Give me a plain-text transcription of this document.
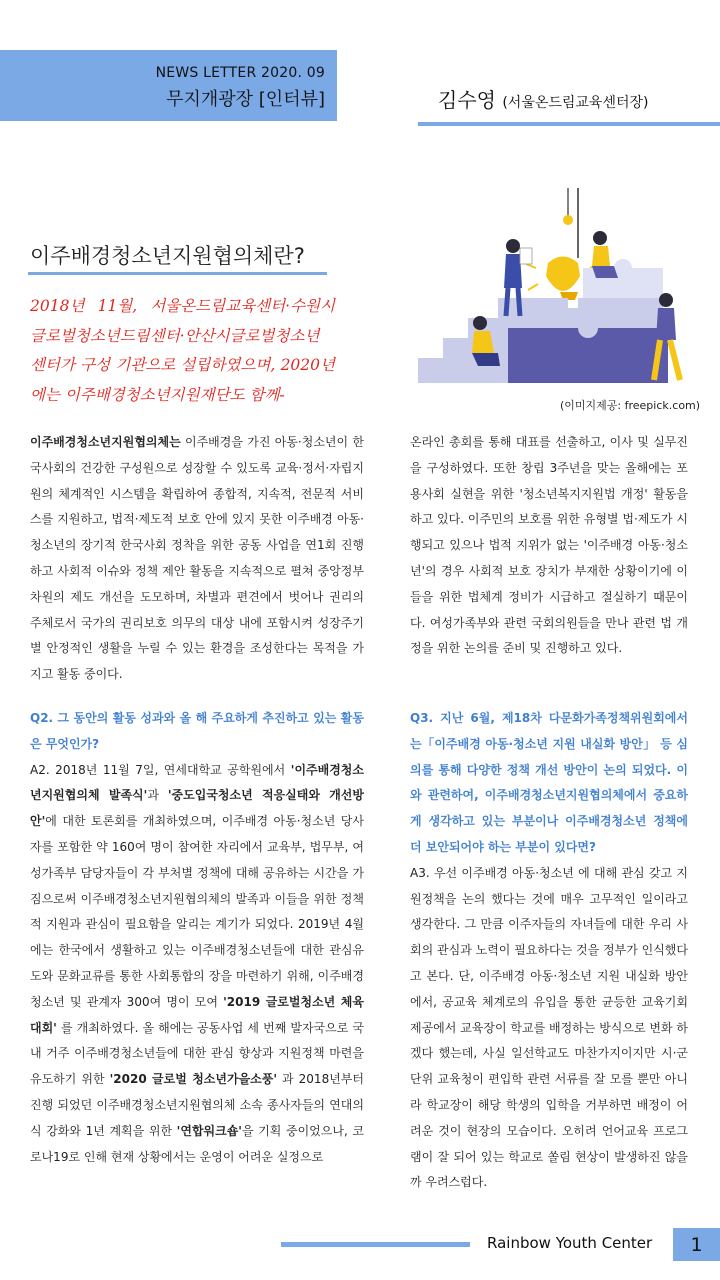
NEWS LETTER 2020. 09
무지개광장 [인터뷰]	김수영 (서울온드림교육센터장)
이주배경청소년지원협의체란?
2018년 11월, 서울온드림교육센터·수원시 글로벌청소년드림센터·안산시글로벌청소년 센터가 구성 기관으로 설립하였으며, 2020년에는 이주배경청소년지원재단도 함께-
(이미지제공: freepick.com)

이주배경청소년지원협의체는 이주배경을 가진 아동·청소년이 한국사회의 건강한 구성원으로 성장할 수 있도록 교육·정서·자립지원의 체계적인 시스템을 확립하여 종합적, 지속적, 전문적 서비스를 지원하고, 법적·제도적 보호 안에 있지 못한 이주배경 아동·청소년의 장기적 한국사회 정착을 위한 공동 사업을 연1회 진행하고 사회적 이슈와 정책 제안 활동을 지속적으로 펼쳐 중앙정부 차원의 제도 개선을 도모하며, 차별과 편견에서 벗어나 권리의 주체로서 국가의 권리보호 의무의 대상 내에 포함시켜 성장주기별 안정적인 생활을 누릴 수 있는 환경을 조성한다는 목적을 가지고 활동 중이다.

Q2. 그 동안의 활동 성과와 올 해 주요하게 추진하고 있는 활동은 무엇인가?

A2. 2018년 11월 7일, 연세대학교 공학원에서 '이주배경청소년지원협의체 발족식'과 '중도입국청소년 적응실태와 개선방안'에 대한 토론회를 개최하였으며, 이주배경 아동·청소년 당사자를 포함한 약 160여 명이 참여한 자리에서 교육부, 법무부, 여성가족부 담당자들이 각 부처별 정책에 대해 공유하는 시간을 가짐으로써 이주배경청소년지원협의체의 발족과 이들을 위한 정책적 지원과 관심이 필요함을 알리는 계기가 되었다. 2019년 4월에는 한국에서 생활하고 있는 이주배경청소년들에 대한 관심유도와 문화교류를 통한 사회통합의 장을 마련하기 위해, 이주배경청소년 및 관계자 300여 명이 모여 '2019 글로벌청소년 체육대회' 를 개최하였다. 올 해에는 공동사업 세 번째 발자국으로 국내 거주 이주배경청소년들에 대한 관심 향상과 지원정책 마련을 유도하기 위한 '2020 글로벌 청소년가을소풍' 과 2018년부터 진행 되었던 이주배경청소년지원협의체 소속 종사자들의 연대의식 강화와 1년 계획을 위한 '연합워크숍'을 기획 중이었으나, 코로나19로 인해 현재 상황에서는 운영이 어려운 실정으로

온라인 총회를 통해 대표를 선출하고, 이사 및 실무진을 구성하였다. 또한 창립 3주년을 맞는 올해에는 포용사회 실현을 위한 '청소년복지지원법 개정' 활동을 하고 있다. 이주민의 보호를 위한 유형별 법·제도가 시행되고 있으나 법적 지위가 없는 '이주배경 아동·청소년'의 경우 사회적 보호 장치가 부재한 상황이기에 이들을 위한 법체계 정비가 시급하고 절실하기 때문이다. 여성가족부와 관련 국회의원들을 만나 관련 법 개정을 위한 논의를 준비 및 진행하고 있다.

Q3. 지난 6월, 제18차 다문화가족정책위원회에서는「이주배경 아동·청소년 지원 내실화 방안」 등 심의를 통해 다양한 정책 개선 방안이 논의 되었다. 이와 관련하여, 이주배경청소년지원협의체에서 중요하게 생각하고 있는 부분이나 이주배경청소년 정책에 더 보안되어야 하는 부분이 있다면?

A3. 우선 이주배경 아동·청소년 에 대해 관심 갖고 지원정책을 논의 했다는 것에 매우 고무적인 일이라고 생각한다. 그 만큼 이주자들의 자녀들에 대한 우리 사회의 관심과 노력이 필요하다는 것을 정부가 인식했다고 본다. 단, 이주배경 아동·청소년 지원 내실화 방안에서, 공교육 체계로의 유입을 통한 균등한 교육기회 제공에서 교육장이 학교를 배정하는 방식으로 변화 하겠다 했는데, 사실 일선학교도 마찬가지이지만 시·군 단위 교육청이 편입학 관련 서류를 잘 모를 뿐만 아니라 학교장이 해당 학생의 입학을 거부하면 배정이 어려운 것이 현장의 모습이다. 오히려 언어교육 프로그램이 잘 되어 있는 학교로 쏠림 현상이 발생하진 않을까 우려스럽다.

Rainbow Youth Center	1
